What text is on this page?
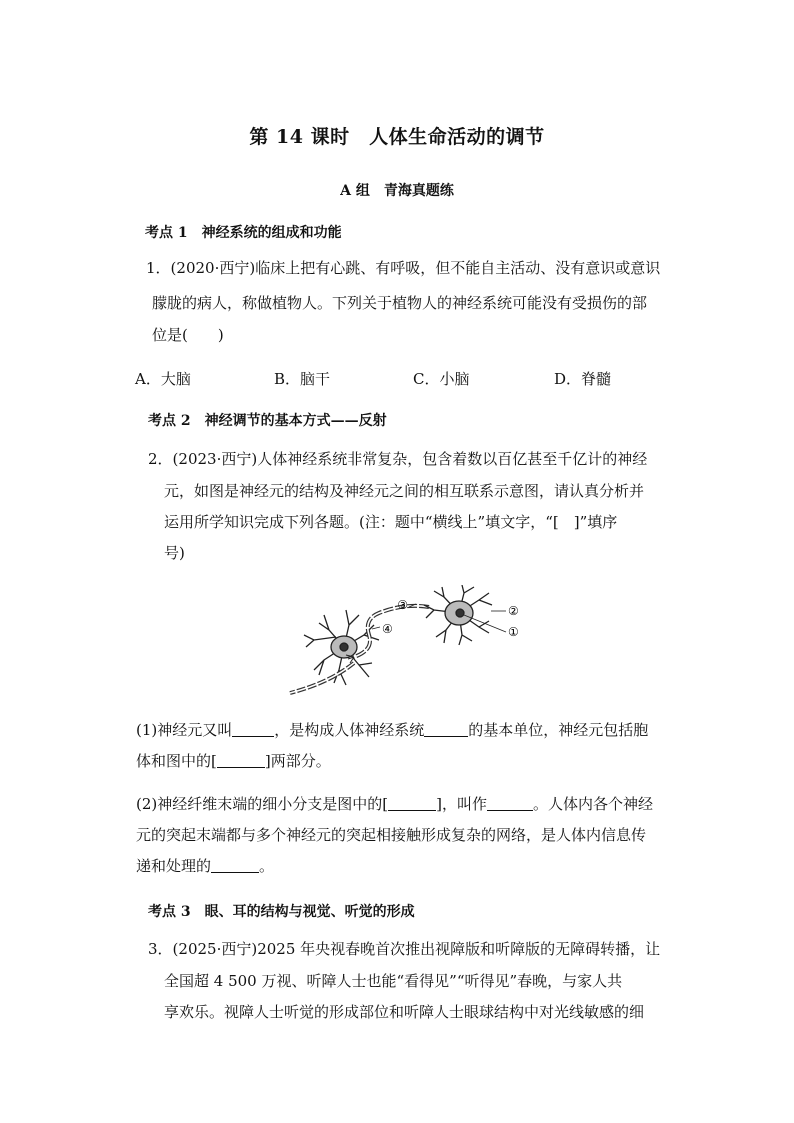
第 14 课时　人体生命活动的调节
A 组　青海真题练
考点 1　神经系统的组成和功能
1．(2020·西宁)临床上把有心跳、有呼吸，但不能自主活动、没有意识或意识
朦胧的病人，称做植物人。下列关于植物人的神经系统可能没有受损伤的部
位是(　　)
A．大脑	B．脑干	C．小脑	D．脊髓
考点 2　神经调节的基本方式——反射
2．(2023·西宁)人体神经系统非常复杂，包含着数以百亿甚至千亿计的神经
元，如图是神经元的结构及神经元之间的相互联系示意图，请认真分析并
运用所学知识完成下列各题。(注：题中“横线上”填文字，“[　]”填序
号)
③	②
①
④
(1)神经元又叫	，是构成人体神经系统	的基本单位，神经元包括胞
体和图中的[	]两部分。
(2)神经纤维末端的细小分支是图中的[	]，叫作	。人体内各个神经
元的突起末端都与多个神经元的突起相接触形成复杂的网络，是人体内信息传
递和处理的	。
考点 3　眼、耳的结构与视觉、听觉的形成
3．(2025·西宁)2025 年央视春晚首次推出视障版和听障版的无障碍转播，让
全国超 4 500 万视、听障人士也能“看得见”“听得见”春晚，与家人共
享欢乐。视障人士听觉的形成部位和听障人士眼球结构中对光线敏感的细
